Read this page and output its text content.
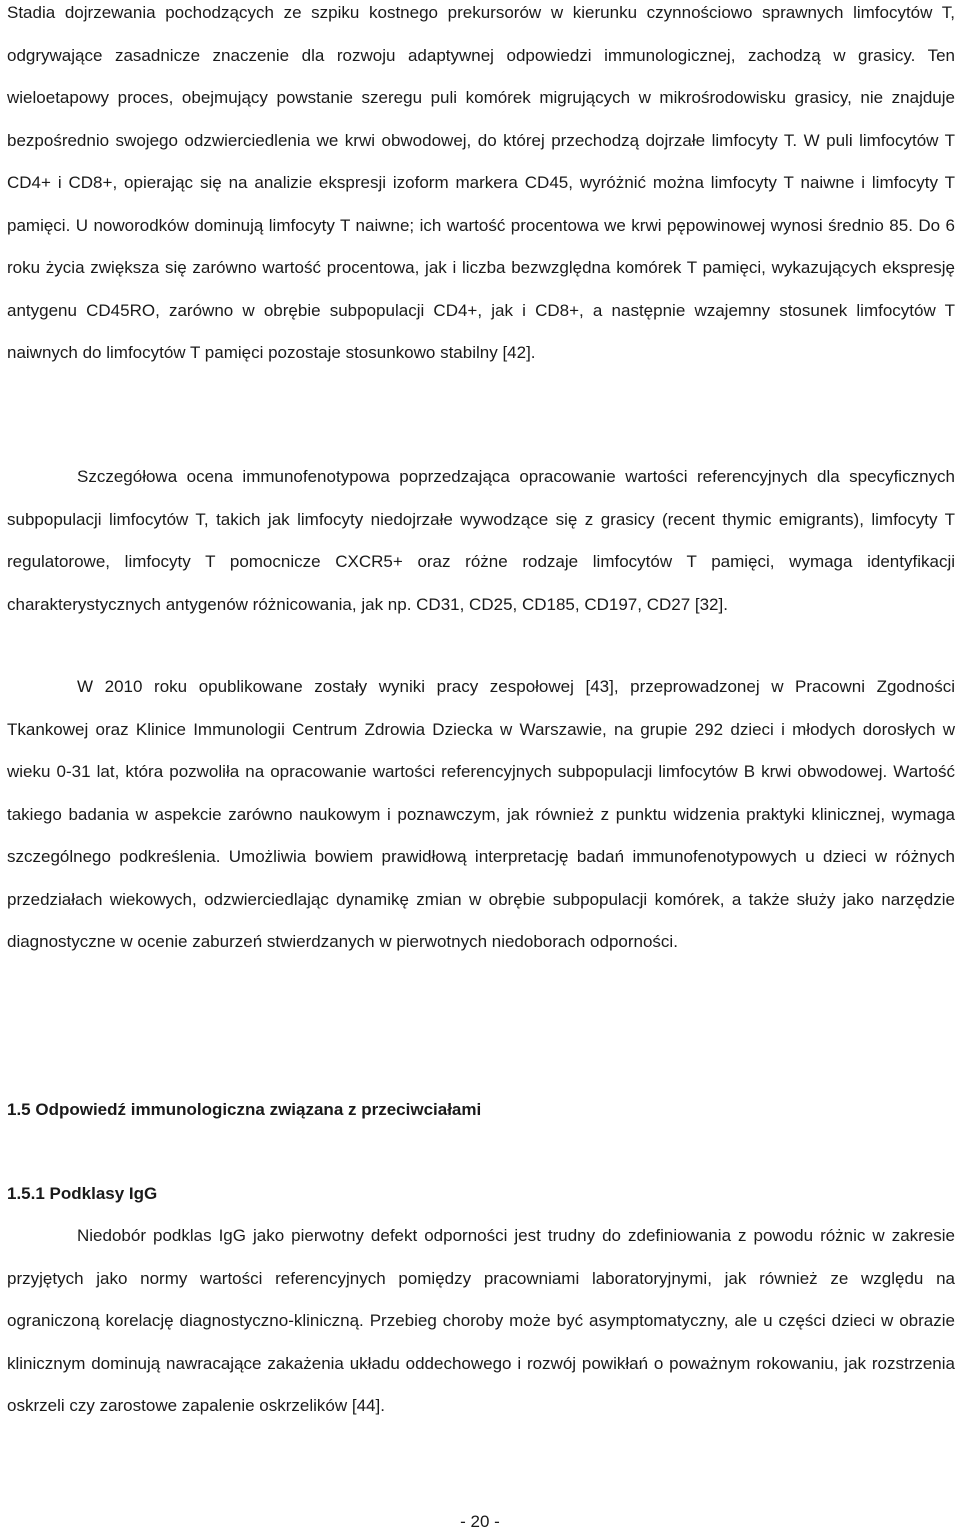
Stadia dojrzewania pochodzących ze szpiku kostnego prekursorów w kierunku czynnościowo sprawnych limfocytów T, odgrywające zasadnicze znaczenie dla rozwoju adaptywnej odpowiedzi immunologicznej, zachodzą w grasicy. Ten wieloetapowy proces, obejmujący powstanie szeregu puli komórek migrujących w mikrośrodowisku grasicy, nie znajduje bezpośrednio swojego odzwierciedlenia we krwi obwodowej, do której przechodzą dojrzałe limfocyty T. W puli limfocytów T CD4+ i CD8+, opierając się na analizie ekspresji izoform markera CD45, wyróżnić można limfocyty T naiwne i limfocyty T pamięci. U noworodków dominują limfocyty T naiwne; ich wartość procentowa we krwi pępowinowej wynosi średnio 85. Do 6 roku życia zwiększa się zarówno wartość procentowa, jak i liczba bezwzględna komórek T pamięci, wykazujących ekspresję antygenu CD45RO, zarówno w obrębie subpopulacji CD4+, jak i CD8+, a następnie wzajemny stosunek limfocytów T naiwnych do limfocytów T pamięci pozostaje stosunkowo stabilny [42].

Szczegółowa ocena immunofenotypowa poprzedzająca opracowanie wartości referencyjnych dla specyficznych subpopulacji limfocytów T, takich jak limfocyty niedojrzałe wywodzące się z grasicy (recent thymic emigrants), limfocyty T regulatorowe, limfocyty T pomocnicze CXCR5+ oraz różne rodzaje limfocytów T pamięci, wymaga identyfikacji charakterystycznych antygenów różnicowania, jak np. CD31, CD25, CD185, CD197, CD27 [32].

W 2010 roku opublikowane zostały wyniki pracy zespołowej [43], przeprowadzonej w Pracowni Zgodności Tkankowej oraz Klinice Immunologii Centrum Zdrowia Dziecka w Warszawie, na grupie 292 dzieci i młodych dorosłych w wieku 0-31 lat, która pozwoliła na opracowanie wartości referencyjnych subpopulacji limfocytów B krwi obwodowej. Wartość takiego badania w aspekcie zarówno naukowym i poznawczym, jak również z punktu widzenia praktyki klinicznej, wymaga szczególnego podkreślenia. Umożliwia bowiem prawidłową interpretację badań immunofenotypowych u dzieci w różnych przedziałach wiekowych, odzwierciedlając dynamikę zmian w obrębie subpopulacji komórek, a także służy jako narzędzie diagnostyczne w ocenie zaburzeń stwierdzanych w pierwotnych niedoborach odporności.

1.5 Odpowiedź immunologiczna związana z przeciwciałami
1.5.1 Podklasy IgG

Niedobór podklas IgG jako pierwotny defekt odporności jest trudny do zdefiniowania z powodu różnic w zakresie przyjętych jako normy wartości referencyjnych pomiędzy pracowniami laboratoryjnymi, jak również ze względu na ograniczoną korelację diagnostyczno-kliniczną. Przebieg choroby może być asymptomatyczny, ale u części dzieci w obrazie klinicznym dominują nawracające zakażenia układu oddechowego i rozwój powikłań o poważnym rokowaniu, jak rozstrzenia oskrzeli czy zarostowe zapalenie oskrzelików [44].

- 20 -
